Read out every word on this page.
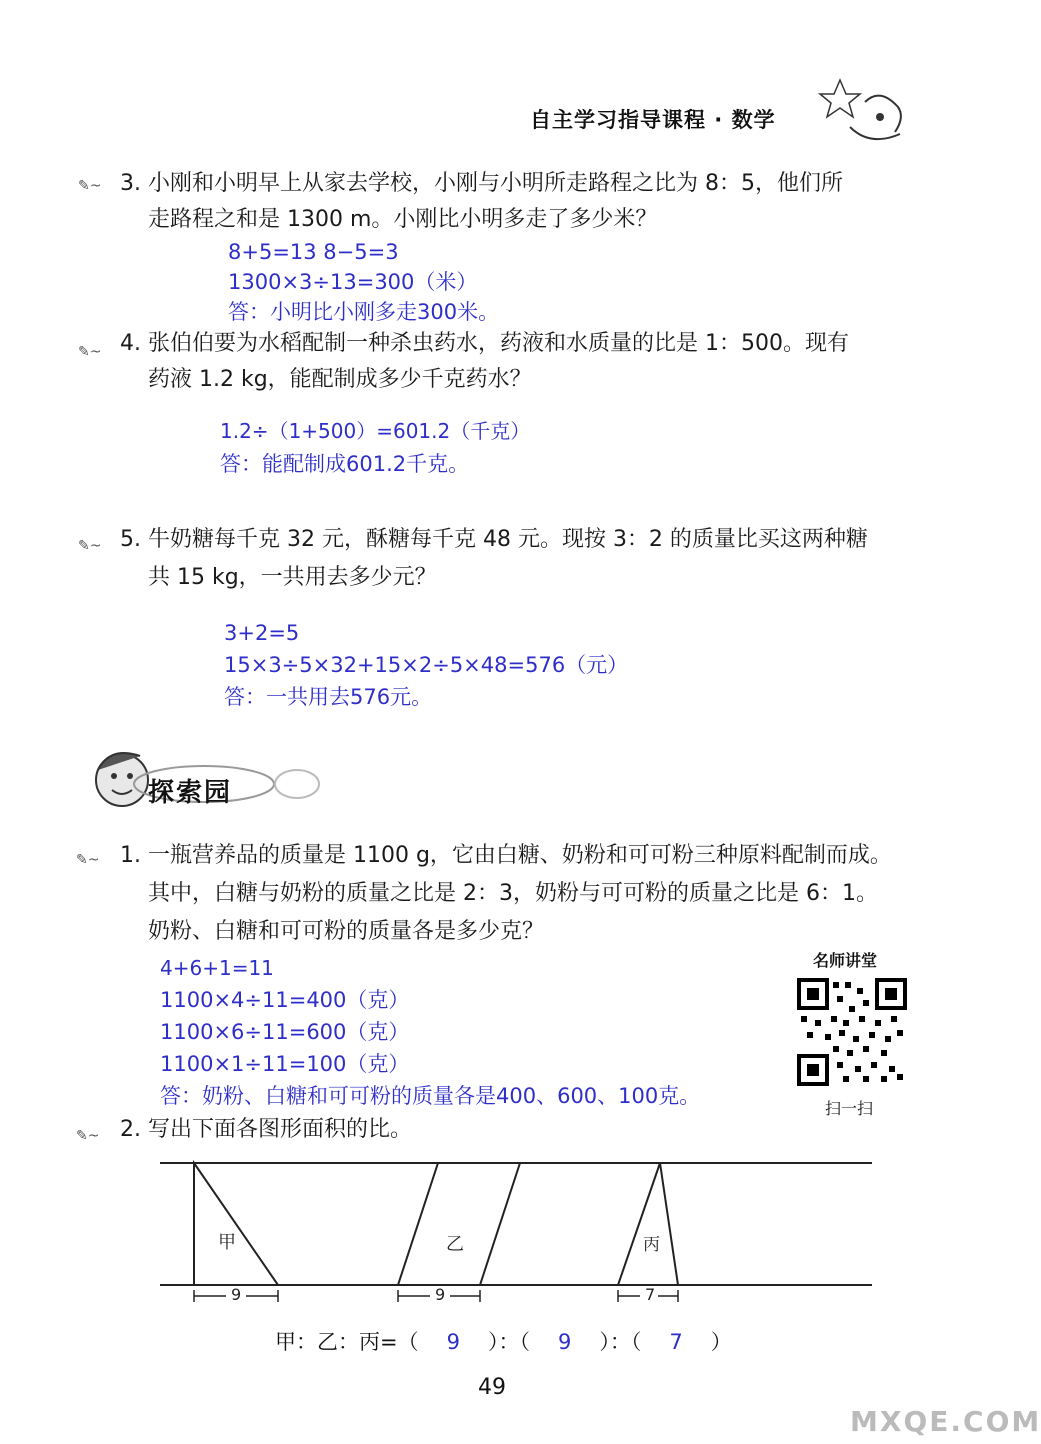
自主学习指导课程 · 数学
✎~ 3. 小刚和小明早上从家去学校，小刚与小明所走路程之比为 8：5，他们所
走路程之和是 1300 m。小刚比小明多走了多少米？
8+5=13 8−5=3
1300×3÷13=300（米）
答：小明比小刚多走300米。
✎~ 4. 张伯伯要为水稻配制一种杀虫药水，药液和水质量的比是 1：500。现有
药液 1.2 kg，能配制成多少千克药水？
1.2÷（1+500）=601.2（千克）
答：能配制成601.2千克。
✎~ 5. 牛奶糖每千克 32 元，酥糖每千克 48 元。现按 3：2 的质量比买这两种糖
共 15 kg，一共用去多少元？
3+2=5
15×3÷5×32+15×2÷5×48=576（元）
答：一共用去576元。
探索园
✎~ 1. 一瓶营养品的质量是 1100 g，它由白糖、奶粉和可可粉三种原料配制而成。
其中，白糖与奶粉的质量之比是 2：3，奶粉与可可粉的质量之比是 6：1。
奶粉、白糖和可可粉的质量各是多少克？
4+6+1=11
1100×4÷11=400（克）
1100×6÷11=600（克）
1100×1÷11=100（克）
答：奶粉、白糖和可可粉的质量各是400、600、100克。
名师讲堂
扫一扫
✎~ 2. 写出下面各图形面积的比。
甲	乙	丙
9	9	7
甲：乙：丙=（ 9 ）：（ 9 ）：（ 7 ）
49
MXQE.COM
